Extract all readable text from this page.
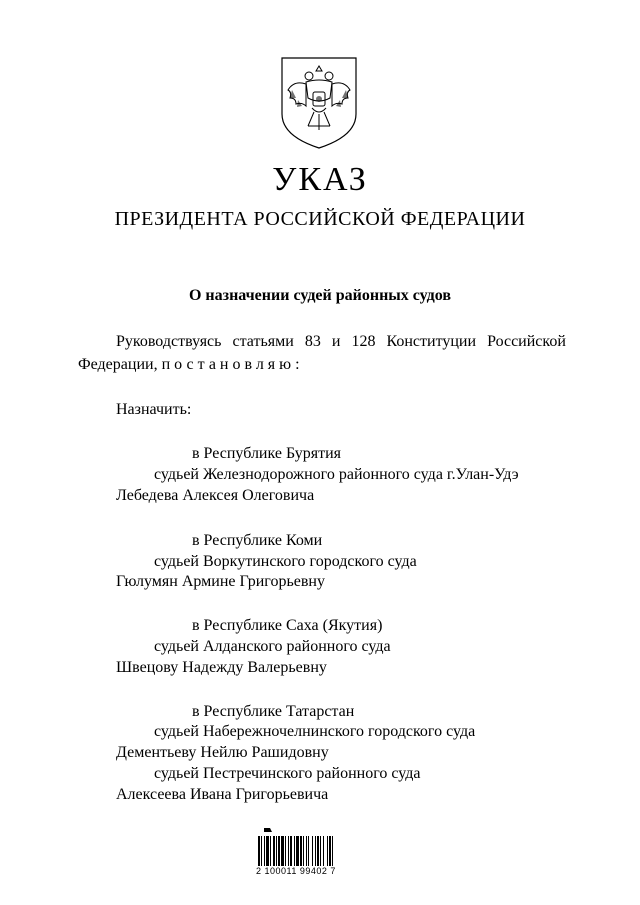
УКАЗ
ПРЕЗИДЕНТА РОССИЙСКОЙ ФЕДЕРАЦИИ
О назначении судей районных судов
Руководствуясь статьями 83 и 128 Конституции Российской
Федерации, постановляю:
Назначить:
в Республике Бурятия
судьей Железнодорожного районного суда г.Улан-Удэ
Лебедева Алексея Олеговича
в Республике Коми
судьей Воркутинского городского суда
Гюлумян Армине Григорьевну
в Республике Саха (Якутия)
судьей Алданского районного суда
Швецову Надежду Валерьевну
в Республике Татарстан
судьей Набережночелнинского городского суда
Дементьеву Нейлю Рашидовну
судьей Пестречинского районного суда
Алексеева Ивана Григорьевича
2 100011 99402 7
